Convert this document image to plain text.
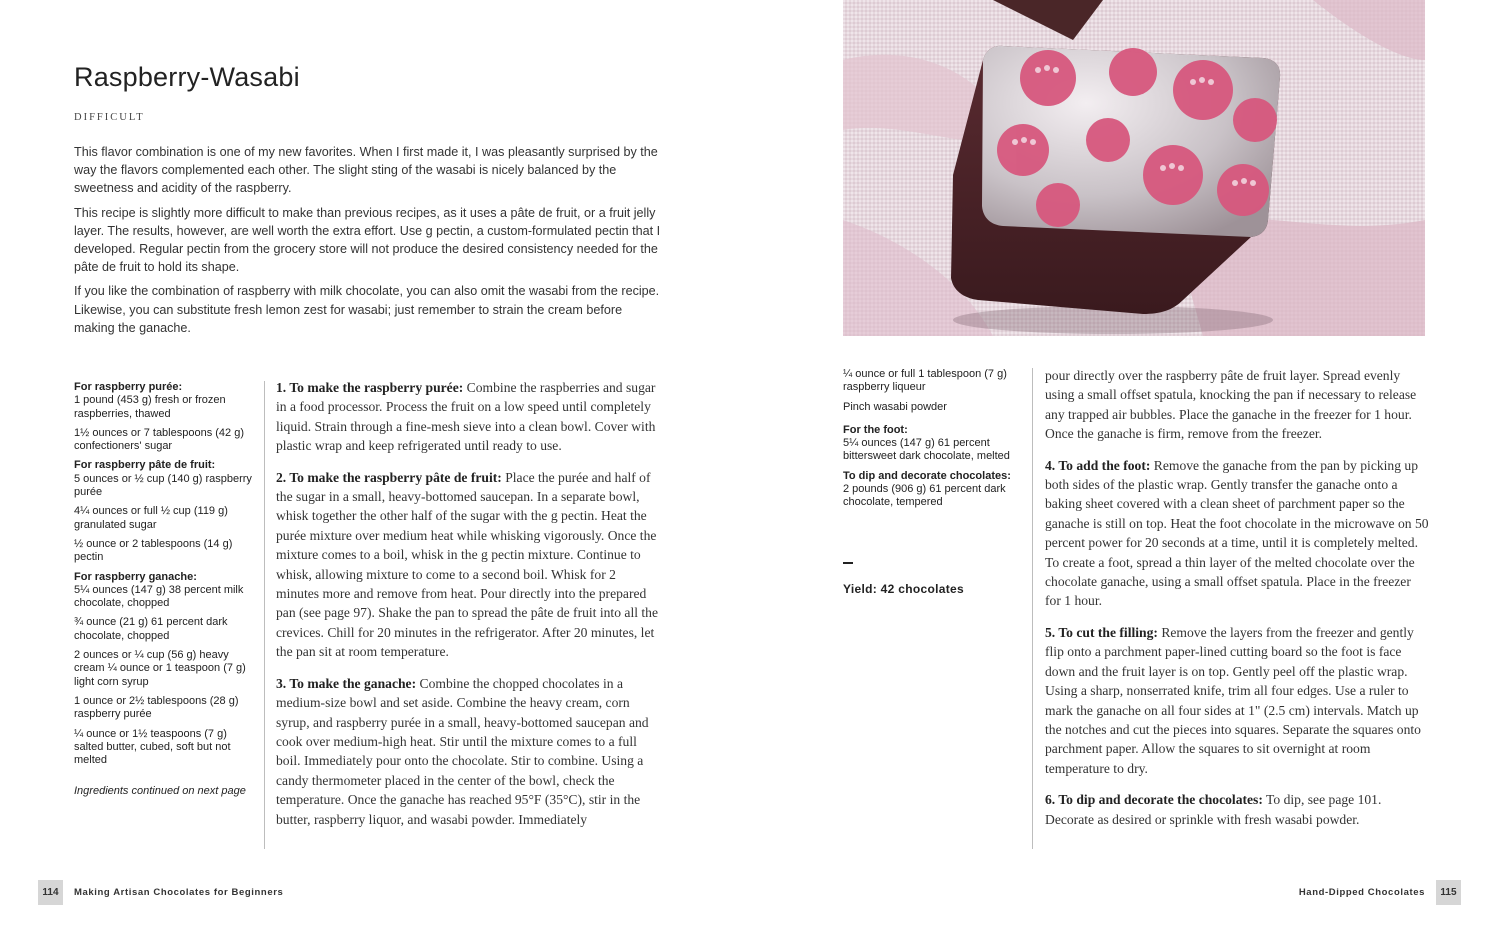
Raspberry-Wasabi
DIFFICULT

This flavor combination is one of my new favorites. When I first made it, I was pleasantly surprised by the way the flavors complemented each other. The slight sting of the wasabi is nicely balanced by the sweetness and acidity of the raspberry.

This recipe is slightly more difficult to make than previous recipes, as it uses a pâte de fruit, or a fruit jelly layer. The results, however, are well worth the extra effort. Use g pectin, a custom-formulated pectin that I developed. Regular pectin from the grocery store will not produce the desired consistency needed for the pâte de fruit to hold its shape.

If you like the combination of raspberry with milk chocolate, you can also omit the wasabi from the recipe. Likewise, you can substitute fresh lemon zest for wasabi; just remember to strain the cream before making the ganache.

For raspberry purée:
1 pound (453 g) fresh or frozen raspberries, thawed
1½ ounces or 7 tablespoons (42 g) confectioners' sugar
For raspberry pâte de fruit:
5 ounces or ½ cup (140 g) raspberry purée
4¼ ounces or full ½ cup (119 g) granulated sugar
½ ounce or 2 tablespoons (14 g) pectin
For raspberry ganache:
5¼ ounces (147 g) 38 percent milk chocolate, chopped
¾ ounce (21 g) 61 percent dark chocolate, chopped
2 ounces or ¼ cup (56 g) heavy cream ¼ ounce or 1 teaspoon (7 g) light corn syrup
1 ounce or 2½ tablespoons (28 g) raspberry purée
¼ ounce or 1½ teaspoons (7 g) salted butter, cubed, soft but not melted
Ingredients continued on next page

1. To make the raspberry purée: Combine the raspberries and sugar in a food processor. Process the fruit on a low speed until completely liquid. Strain through a fine-mesh sieve into a clean bowl. Cover with plastic wrap and keep refrigerated until ready to use.

2. To make the raspberry pâte de fruit: Place the purée and half of the sugar in a small, heavy-bottomed saucepan. In a separate bowl, whisk together the other half of the sugar with the g pectin. Heat the purée mixture over medium heat while whisking vigorously. Once the mixture comes to a boil, whisk in the g pectin mixture. Continue to whisk, allowing mixture to come to a second boil. Whisk for 2 minutes more and remove from heat. Pour directly into the prepared pan (see page 97). Shake the pan to spread the pâte de fruit into all the crevices. Chill for 20 minutes in the refrigerator. After 20 minutes, let the pan sit at room temperature.

3. To make the ganache: Combine the chopped chocolates in a medium-size bowl and set aside. Combine the heavy cream, corn syrup, and raspberry purée in a small, heavy-bottomed saucepan and cook over medium-high heat. Stir until the mixture comes to a full boil. Immediately pour onto the chocolate. Stir to combine. Using a candy thermometer placed in the center of the bowl, check the temperature. Once the ganache has reached 95°F (35°C), stir in the butter, raspberry liquor, and wasabi powder. Immediately

¼ ounce or full 1 tablespoon (7 g) raspberry liqueur
Pinch wasabi powder
For the foot:
5¼ ounces (147 g) 61 percent bittersweet dark chocolate, melted
To dip and decorate chocolates:
2 pounds (906 g) 61 percent dark chocolate, tempered
Yield: 42 chocolates

pour directly over the raspberry pâte de fruit layer. Spread evenly using a small offset spatula, knocking the pan if necessary to release any trapped air bubbles. Place the ganache in the freezer for 1 hour. Once the ganache is firm, remove from the freezer.

4. To add the foot: Remove the ganache from the pan by picking up both sides of the plastic wrap. Gently transfer the ganache onto a baking sheet covered with a clean sheet of parchment paper so the ganache is still on top. Heat the foot chocolate in the microwave on 50 percent power for 20 seconds at a time, until it is completely melted. To create a foot, spread a thin layer of the melted chocolate over the chocolate ganache, using a small offset spatula. Place in the freezer for 1 hour.

5. To cut the filling: Remove the layers from the freezer and gently flip onto a parchment paper-lined cutting board so the foot is face down and the fruit layer is on top. Gently peel off the plastic wrap. Using a sharp, nonserrated knife, trim all four edges. Use a ruler to mark the ganache on all four sides at 1" (2.5 cm) intervals. Match up the notches and cut the pieces into squares. Separate the squares onto parchment paper. Allow the squares to sit overnight at room temperature to dry.

6. To dip and decorate the chocolates: To dip, see page 101. Decorate as desired or sprinkle with fresh wasabi powder.

114	Making Artisan Chocolates for Beginners	Hand-Dipped Chocolates	115
